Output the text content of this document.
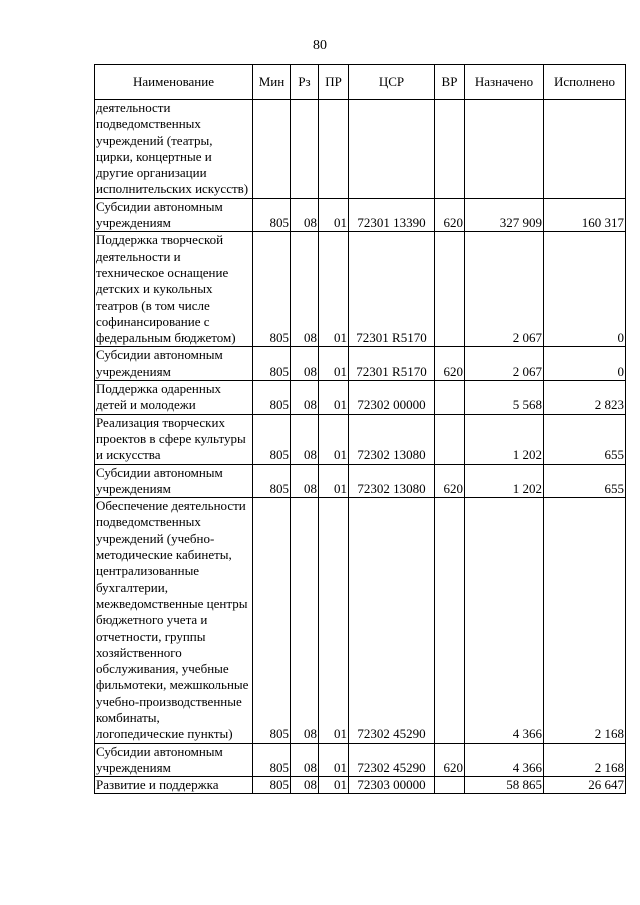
80
Наименование	Мин	Рз	ПР	ЦСР	ВР	Назначено	Исполнено
деятельности подведомственных учреждений (театры, цирки, концертные и другие организации исполнительских искусств)							
Субсидии автономным учреждениям	805	08	01	72301 13390	620	327 909	160 317
Поддержка творческой деятельности и техническое оснащение детских и кукольных театров (в том числе софинансирование с федеральным бюджетом)	805	08	01	72301 R5170		2 067	0
Субсидии автономным учреждениям	805	08	01	72301 R5170	620	2 067	0
Поддержка одаренных детей и молодежи	805	08	01	72302 00000		5 568	2 823
Реализация творческих проектов в сфере культуры и искусства	805	08	01	72302 13080		1 202	655
Субсидии автономным учреждениям	805	08	01	72302 13080	620	1 202	655
Обеспечение деятельности подведомственных учреждений (учебно-методические кабинеты, централизованные бухгалтерии, межведомственные центры бюджетного учета и отчетности, группы хозяйственного обслуживания, учебные фильмотеки, межшкольные учебно-производственные комбинаты, логопедические пункты)	805	08	01	72302 45290		4 366	2 168
Субсидии автономным учреждениям	805	08	01	72302 45290	620	4 366	2 168
Развитие и поддержка	805	08	01	72303 00000		58 865	26 647
